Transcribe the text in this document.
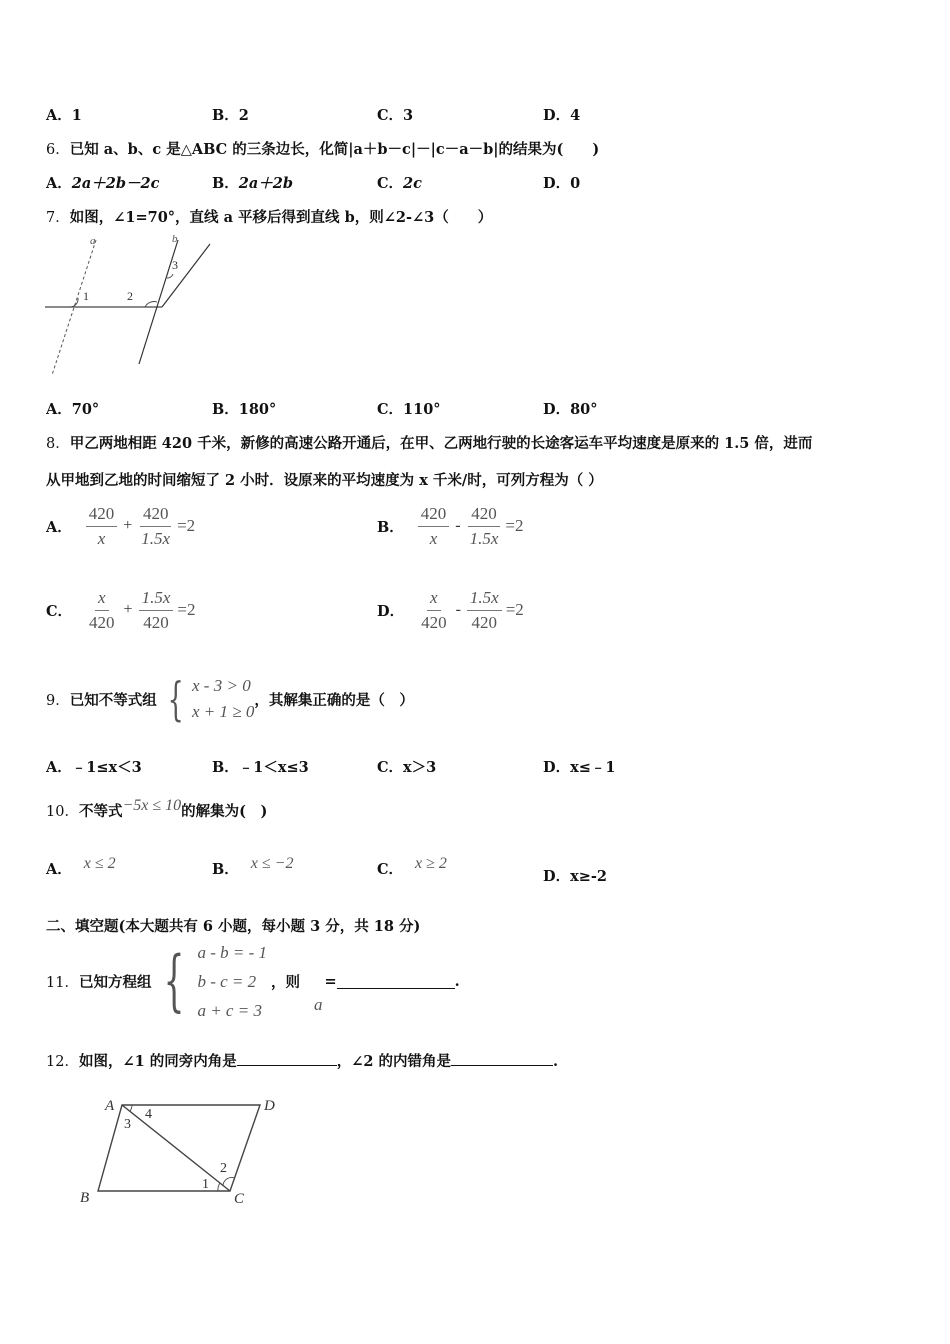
A．1	B．2	C．3	D．4
6．已知 a、b、c 是△ABC 的三条边长，化简|a＋b－c|－|c－a－b|的结果为(　　)
A．2a＋2b－2c	B．2a＋2b	C．2c	D．0
7．如图，∠1=70°，直线 a 平移后得到直线 b，则∠2-∠3（　　）
a	b
1	2
3
A．70°	B．180°	C．110°	D．80°
8．甲乙两地相距 420 千米，新修的高速公路开通后，在甲、乙两地行驶的长途客运车平均速度是原来的 1.5 倍，进而
从甲地到乙地的时间缩短了 2 小时．设原来的平均速度为 x 千米/时，可列方程为（ ）
A． $\frac{420}{x} + \frac{420}{1.5x} =2$	B． $\frac{420}{x} - \frac{420}{1.5x} =2$
C． $\frac{x}{420} + \frac{1.5x}{420} =2$	D． $\frac{x}{420} - \frac{1.5x}{420} =2$
9． 已知不等式组 { x - 3 > 0
x + 1 ≥ 0
，其解集正确的是（　）
A．﹣1≤x＜3	B．﹣1＜x≤3	C．x＞3	D．x≤﹣1
10． 不等式 −5x ≤ 10 的解集为(　)
A． x ≤ 2	B． x ≤ −2	C． x ≥ 2
D．x≥-2
二、填空题(本大题共有 6 小题，每小题 3 分，共 18 分)
11． 已知方程组 { a - b = - 1
b - c = 2
a + c = 3
，则
a
=	.
12． 如图，∠1 的同旁内角是	，∠2 的内错角是	.
A	D
B	C
4
3
1
2
